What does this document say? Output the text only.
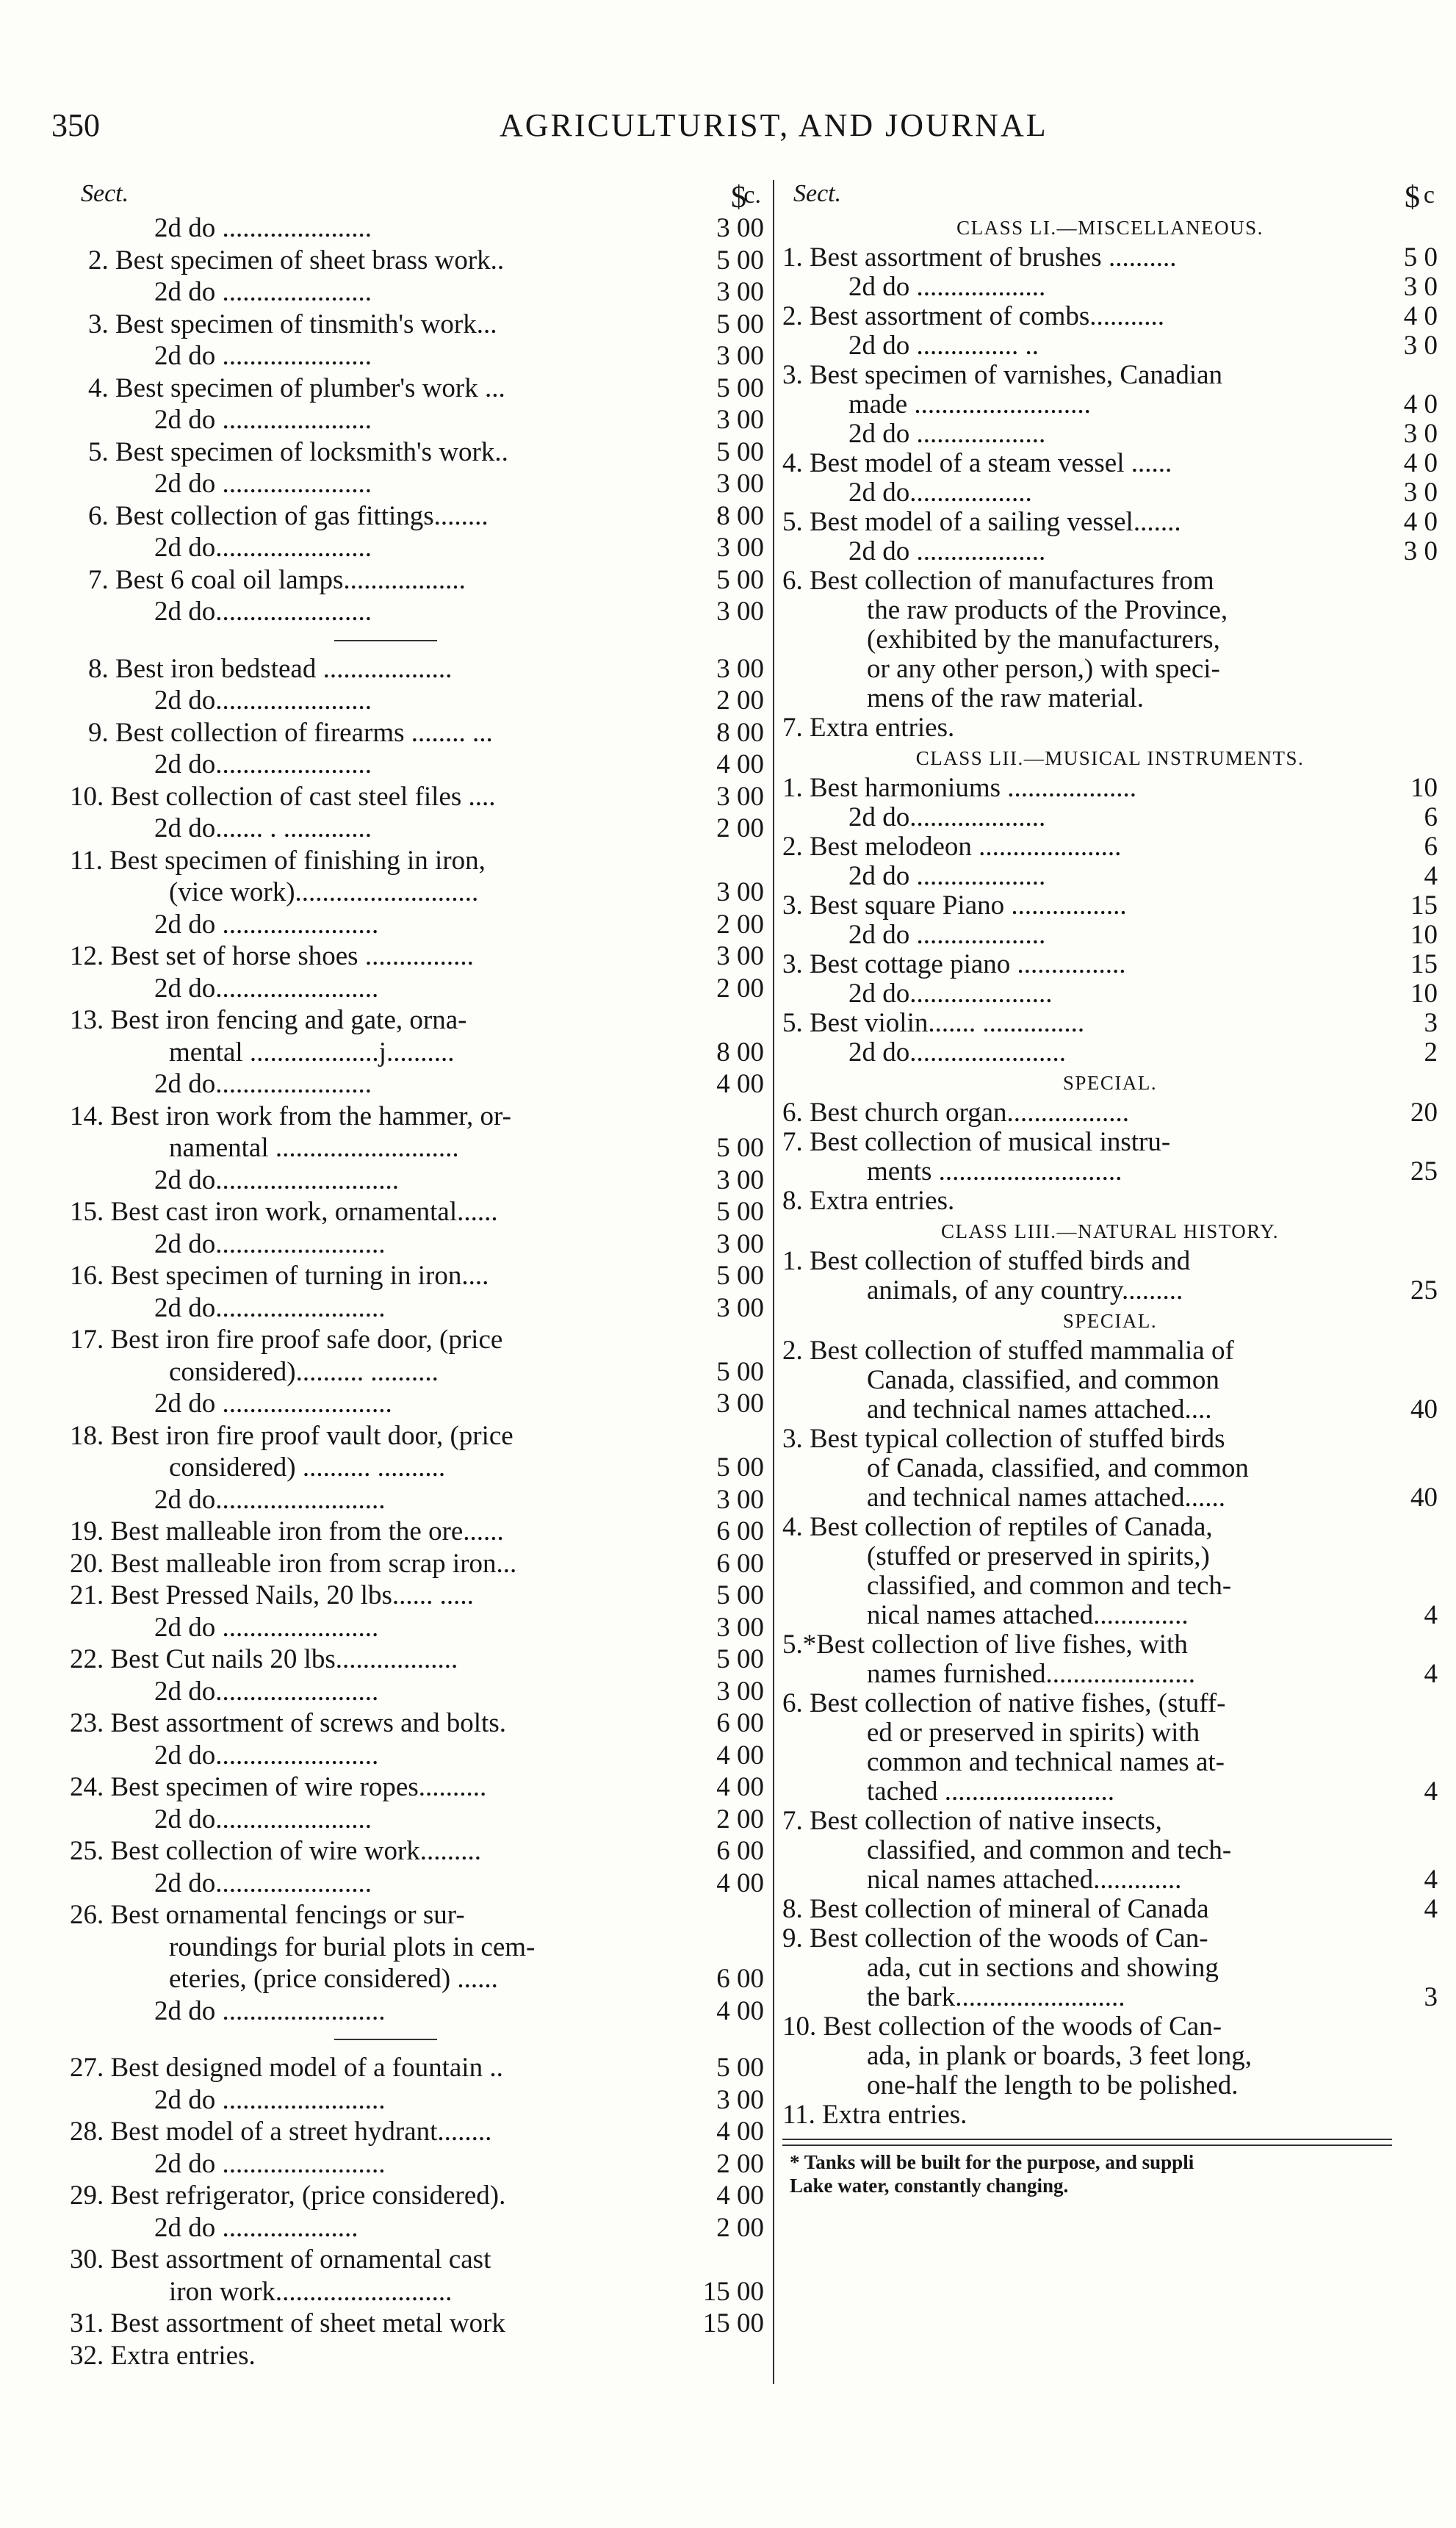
350	AGRICULTURIST, AND JOURNAL
Sect.	$
c.
2d do ......................	3 00
2. Best specimen of sheet brass work..	5 00
2d do ......................	3 00
3. Best specimen of tinsmith's work...	5 00
2d do ......................	3 00
4. Best specimen of plumber's work ...	5 00
2d do ......................	3 00
5. Best specimen of locksmith's work..	5 00
2d do ......................	3 00
6. Best collection of gas fittings........	8 00
2d do.......................	3 00
7. Best 6 coal oil lamps..................	5 00
2d do.......................	3 00
8. Best iron bedstead ...................	3 00
2d do.......................	2 00
9. Best collection of firearms ........ ...	8 00
2d do.......................	4 00
10. Best collection of cast steel files ....	3 00
2d do....... . .............	2 00
11. Best specimen of finishing in iron,
(vice work)...........................	3 00
2d do .......................	2 00
12. Best set of horse shoes ................	3 00
2d do........................	2 00
13. Best iron fencing and gate, orna-
mental ...................j..........	8 00
2d do.......................	4 00
14. Best iron work from the hammer, or-
namental ...........................	5 00
2d do...........................	3 00
15. Best cast iron work, ornamental......	5 00
2d do.........................	3 00
16. Best specimen of turning in iron....	5 00
2d do.........................	3 00
17. Best iron fire proof safe door, (price
considered).......... ..........	5 00
2d do .........................	3 00
18. Best iron fire proof vault door, (price
considered) .......... ..........	5 00
2d do.........................	3 00
19. Best malleable iron from the ore......	6 00
20. Best malleable iron from scrap iron...	6 00
21. Best Pressed Nails, 20 lbs...... .....	5 00
2d do .......................	3 00
22. Best Cut nails 20 lbs..................	5 00
2d do........................	3 00
23. Best assortment of screws and bolts.	6 00
2d do........................	4 00
24. Best specimen of wire ropes..........	4 00
2d do.......................	2 00
25. Best collection of wire work.........	6 00
2d do.......................	4 00
26. Best ornamental fencings or sur-
roundings for burial plots in cem-
eteries, (price considered) ......	6 00
2d do ........................	4 00
27. Best designed model of a fountain ..	5 00
2d do ........................	3 00
28. Best model of a street hydrant........	4 00
2d do ........................	2 00
29. Best refrigerator, (price considered).	4 00
2d do ....................	2 00
30. Best assortment of ornamental cast
iron work..........................	15 00
31. Best assortment of sheet metal work	15 00
32. Extra entries.
Sect.	$ c
CLASS LI.—MISCELLANEOUS.
1. Best assortment of brushes ..........	5 0
2d do ...................	3 0
2. Best assortment of combs...........	4 0
2d do ............... ..	3 0
3. Best specimen of varnishes, Canadian
made ..........................	4 0
2d do ...................	3 0
4. Best model of a steam vessel ......	4 0
2d do..................	3 0
5. Best model of a sailing vessel.......	4 0
2d do ...................	3 0
6. Best collection of manufactures from
the raw products of the Province,
(exhibited by the manufacturers,
or any other person,) with speci-
mens of the raw material.
7. Extra entries.
CLASS LII.—MUSICAL INSTRUMENTS.
1. Best harmoniums ...................	10
2d do....................	6
2. Best melodeon .....................	6
2d do ...................	4
3. Best square Piano .................	15
2d do ...................	10
3. Best cottage piano ................	15
2d do.....................	10
5. Best violin....... ...............	3
2d do.......................	2
SPECIAL.
6. Best church organ..................	20
7. Best collection of musical instru-
ments ...........................	25
8. Extra entries.
CLASS LIII.—NATURAL HISTORY.
1. Best collection of stuffed birds and
animals, of any country.........	25
SPECIAL.
2. Best collection of stuffed mammalia of
Canada, classified, and common
and technical names attached....	40
3. Best typical collection of stuffed birds
of Canada, classified, and common
and technical names attached......	40
4. Best collection of reptiles of Canada,
(stuffed or preserved in spirits,)
classified, and common and tech-
nical names attached..............	4
5.*Best collection of live fishes, with
names furnished......................	4
6. Best collection of native fishes, (stuff-
ed or preserved in spirits) with
common and technical names at-
tached .........................	4
7. Best collection of native insects,
classified, and common and tech-
nical names attached.............	4
8. Best collection of mineral of Canada	4
9. Best collection of the woods of Can-
ada, cut in sections and showing
the bark.........................	3
10. Best collection of the woods of Can-
ada, in plank or boards, 3 feet long,
one-half the length to be polished.
11. Extra entries.
* Tanks will be built for the purpose, and suppli
Lake water, constantly changing.
